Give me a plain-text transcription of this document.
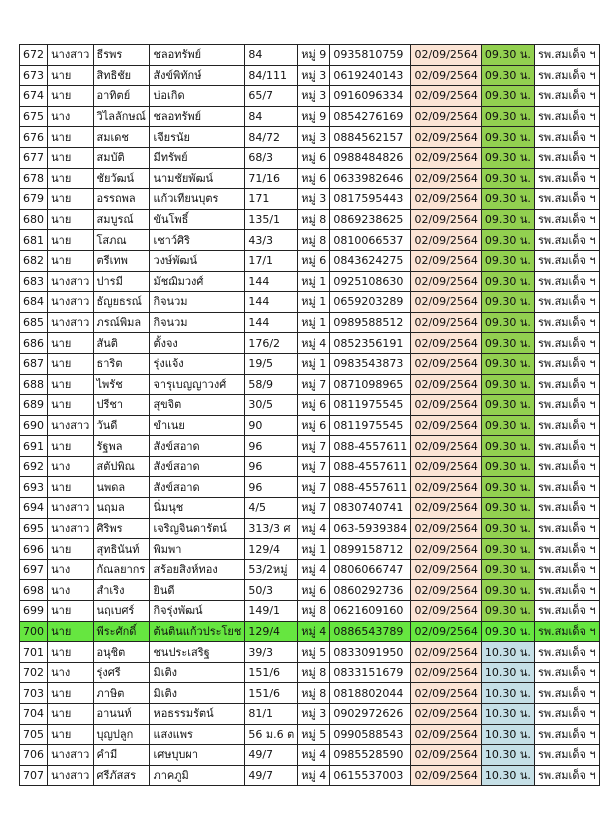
672	นางสาว	ธีรพร	ชลอทรัพย์	84	หมู่ 9	0935810759	02/09/2564	09.30 น.	รพ.สมเด็จ ฯ
673	นาย	สิทธิชัย	สังข์พิทักษ์	84/111	หมู่ 3	0619240143	02/09/2564	09.30 น.	รพ.สมเด็จ ฯ
674	นาย	อาทิตย์	บ่อเกิด	65/7	หมู่ 3	0916096334	02/09/2564	09.30 น.	รพ.สมเด็จ ฯ
675	นาง	วิไลลักษณ์	ชลอทรัพย์	84	หมู่ 9	0854276169	02/09/2564	09.30 น.	รพ.สมเด็จ ฯ
676	นาย	สมเดช	เจียรนัย	84/72	หมู่ 3	0884562157	02/09/2564	09.30 น.	รพ.สมเด็จ ฯ
677	นาย	สมบัติ	มีทรัพย์	68/3	หมู่ 6	0988484826	02/09/2564	09.30 น.	รพ.สมเด็จ ฯ
678	นาย	ชัยวัฒน์	นามชัยพัฒน์	71/16	หมู่ 6	0633982646	02/09/2564	09.30 น.	รพ.สมเด็จ ฯ
679	นาย	อรรถพล	แก้วเทียนบุตร	171	หมู่ 3	0817595443	02/09/2564	09.30 น.	รพ.สมเด็จ ฯ
680	นาย	สมบูรณ์	ขันโพธิ์	135/1	หมู่ 8	0869238625	02/09/2564	09.30 น.	รพ.สมเด็จ ฯ
681	นาย	โสภณ	เชาว์ศิริ	43/3	หมู่ 8	0810066537	02/09/2564	09.30 น.	รพ.สมเด็จ ฯ
682	นาย	ตรีเทพ	วงษ์พัฒน์	17/1	หมู่ 6	0843624275	02/09/2564	09.30 น.	รพ.สมเด็จ ฯ
683	นางสาว	ปารมี	มัชฌิมวงศ์	144	หมู่ 1	0925108630	02/09/2564	09.30 น.	รพ.สมเด็จ ฯ
684	นางสาว	ธัญยธรณ์	กิจนวม	144	หมู่ 1	0659203289	02/09/2564	09.30 น.	รพ.สมเด็จ ฯ
685	นางสาว	ภรณ์พิมล	กิจนวม	144	หมู่ 1	0989588512	02/09/2564	09.30 น.	รพ.สมเด็จ ฯ
686	นาย	สันติ	ตั้งจง	176/2	หมู่ 4	0852356191	02/09/2564	09.30 น.	รพ.สมเด็จ ฯ
687	นาย	ธาริต	รุ่งแจ้ง	19/5	หมู่ 1	0983543873	02/09/2564	09.30 น.	รพ.สมเด็จ ฯ
688	นาย	ไพรัช	จารุเบญญาวงศ์	58/9	หมู่ 7	0871098965	02/09/2564	09.30 น.	รพ.สมเด็จ ฯ
689	นาย	ปรีชา	สุขจิต	30/5	หมู่ 6	0811975545	02/09/2564	09.30 น.	รพ.สมเด็จ ฯ
690	นางสาว	วันดี	ขำเนย	90	หมู่ 6	0811975545	02/09/2564	09.30 น.	รพ.สมเด็จ ฯ
691	นาย	รัฐพล	สังข์สอาด	96	หมู่ 7	088-4557611	02/09/2564	09.30 น.	รพ.สมเด็จ ฯ
692	นาง	สตัปพิณ	สังข์สอาด	96	หมู่ 7	088-4557611	02/09/2564	09.30 น.	รพ.สมเด็จ ฯ
693	นาย	นพดล	สังข์สอาด	96	หมู่ 7	088-4557611	02/09/2564	09.30 น.	รพ.สมเด็จ ฯ
694	นางสาว	นฤมล	นิ่มนุช	4/5	หมู่ 7	0830740741	02/09/2564	09.30 น.	รพ.สมเด็จ ฯ
695	นางสาว	ศิริพร	เจริญจินดารัตน์	313/3 ศ	หมู่ 4	063-5939384	02/09/2564	09.30 น.	รพ.สมเด็จ ฯ
696	นาย	สุทธินันท์	พิมพา	129/4	หมู่ 1	0899158712	02/09/2564	09.30 น.	รพ.สมเด็จ ฯ
697	นาง	กัณลยากร	สร้อยสิงห์ทอง	53/2หมู่	หมู่ 4	0806066747	02/09/2564	09.30 น.	รพ.สมเด็จ ฯ
698	นาง	สำเริง	ยินดี	50/3	หมู่ 6	0860292736	02/09/2564	09.30 น.	รพ.สมเด็จ ฯ
699	นาย	นฤเบศร์	กิจรุ่งพัฒน์	149/1	หมู่ 8	0621609160	02/09/2564	09.30 น.	รพ.สมเด็จ ฯ
700	นาย	พีระศักดิ์	ต้นตินแก้วประโยช	129/4	หมู่ 4	0886543789	02/09/2564	09.30 น.	รพ.สมเด็จ ฯ
701	นาย	อนุชิต	ชนประเสริฐ	39/3	หมู่ 5	0833091950	02/09/2564	10.30 น.	รพ.สมเด็จ ฯ
702	นาง	รุ่งศรี	มิเติง	151/6	หมู่ 8	0833151679	02/09/2564	10.30 น.	รพ.สมเด็จ ฯ
703	นาย	ภาษิต	มิเติง	151/6	หมู่ 8	0818802044	02/09/2564	10.30 น.	รพ.สมเด็จ ฯ
704	นาย	อานนท์	หอธรรมรัตน์	81/1	หมู่ 3	0902972626	02/09/2564	10.30 น.	รพ.สมเด็จ ฯ
705	นาย	บุญปลูก	แสงแพร	56 ม.6 ต	หมู่ 5	0990588543	02/09/2564	10.30 น.	รพ.สมเด็จ ฯ
706	นางสาว	คำมี	เศษบุบผา	49/7	หมู่ 4	0985528590	02/09/2564	10.30 น.	รพ.สมเด็จ ฯ
707	นางสาว	ศรีภัสสร	ภาคภูมิ	49/7	หมู่ 4	0615537003	02/09/2564	10.30 น.	รพ.สมเด็จ ฯ
